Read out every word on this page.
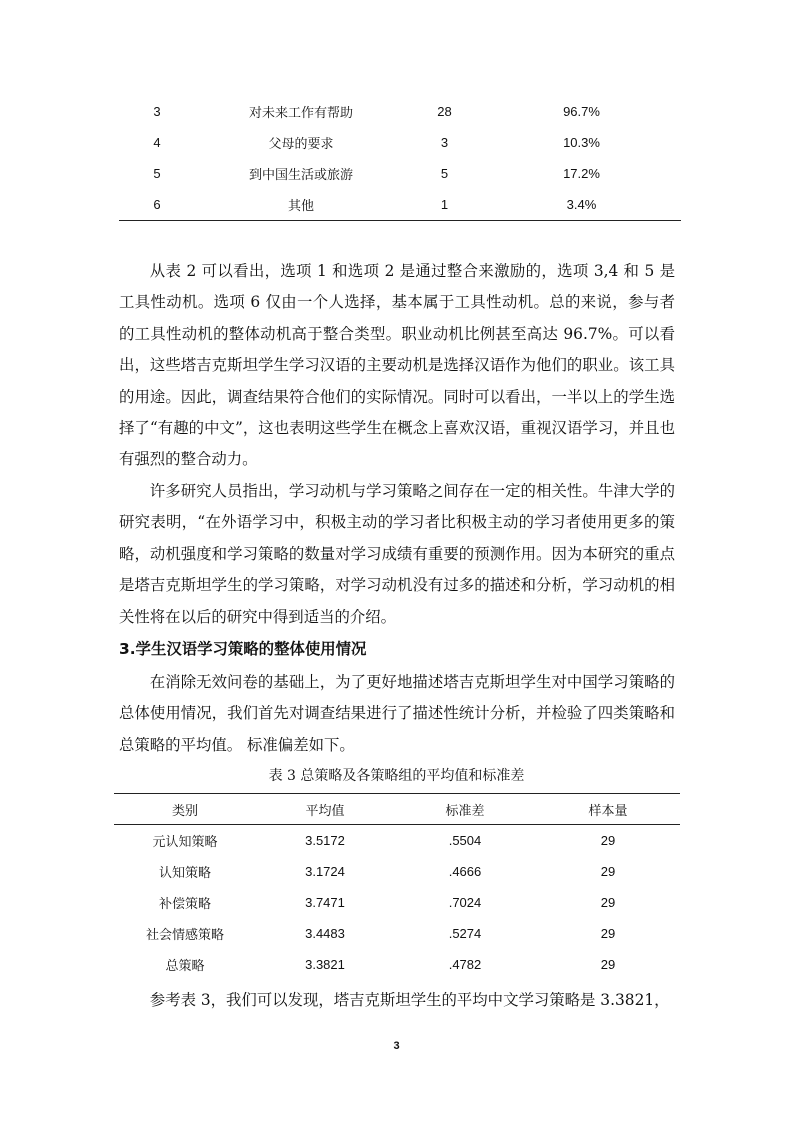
3	对未来工作有帮助	28	96.7%
4	父母的要求	3	10.3%
5	到中国生活或旅游	5	17.2%
6	其他	1	3.4%

从表 2 可以看出，选项 1 和选项 2 是通过整合来激励的，选项 3,4 和 5 是工具性动机。选项 6 仅由一个人选择，基本属于工具性动机。总的来说，参与者的工具性动机的整体动机高于整合类型。职业动机比例甚至高达 96.7%。可以看出，这些塔吉克斯坦学生学习汉语的主要动机是选择汉语作为他们的职业。该工具的用途。因此，调查结果符合他们的实际情况。同时可以看出，一半以上的学生选择了“有趣的中文”，这也表明这些学生在概念上喜欢汉语，重视汉语学习，并且也有强烈的整合动力。

许多研究人员指出，学习动机与学习策略之间存在一定的相关性。牛津大学的研究表明，“在外语学习中，积极主动的学习者比积极主动的学习者使用更多的策略，动机强度和学习策略的数量对学习成绩有重要的预测作用。因为本研究的重点是塔吉克斯坦学生的学习策略，对学习动机没有过多的描述和分析，学习动机的相关性将在以后的研究中得到适当的介绍。

3.学生汉语学习策略的整体使用情况

在消除无效问卷的基础上，为了更好地描述塔吉克斯坦学生对中国学习策略的总体使用情况，我们首先对调查结果进行了描述性统计分析，并检验了四类策略和总策略的平均值。 标准偏差如下。

表 3 总策略及各策略组的平均值和标准差
类别	平均值	标准差	样本量
元认知策略	3.5172	.5504	29
认知策略	3.1724	.4666	29
补偿策略	3.7471	.7024	29
社会情感策略	3.4483	.5274	29
总策略	3.3821	.4782	29

参考表 3，我们可以发现，塔吉克斯坦学生的平均中文学习策略是 3.3821，

3
